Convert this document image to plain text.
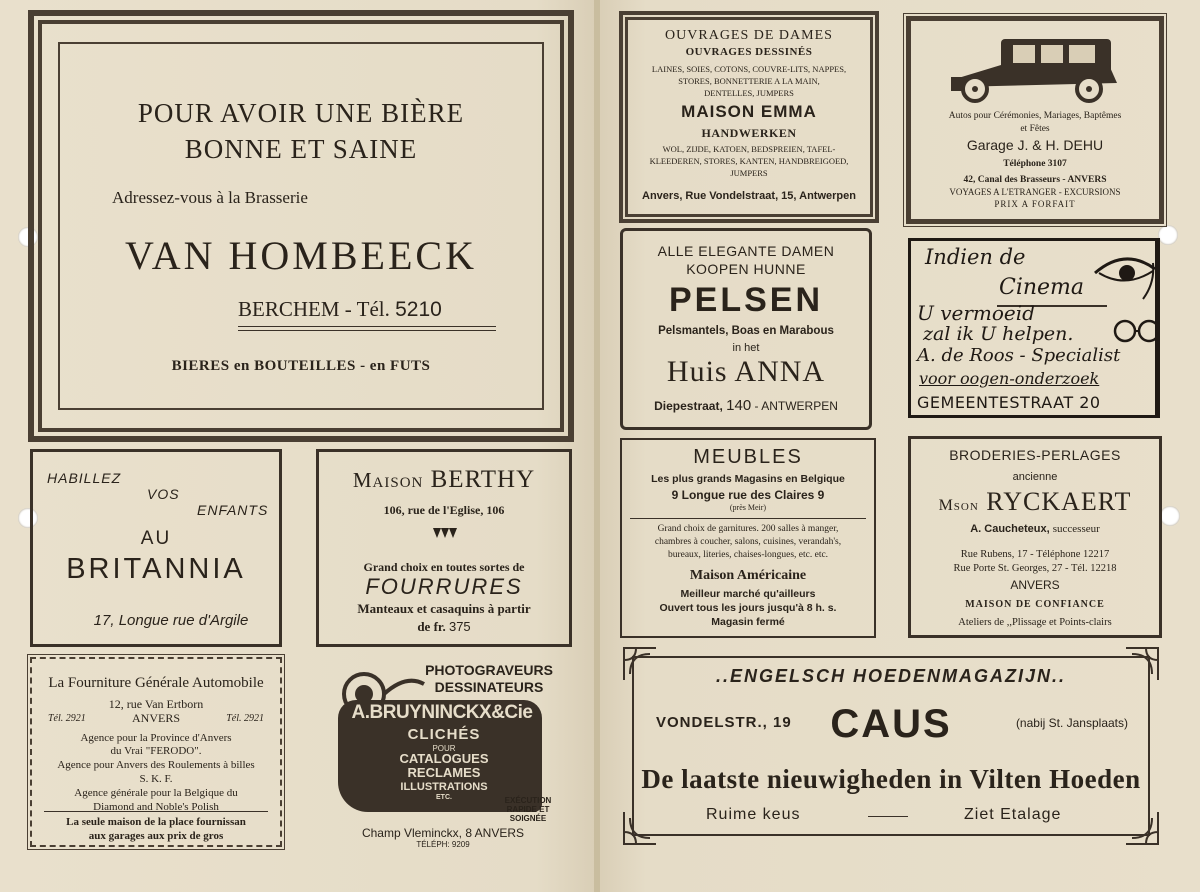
POUR AVOIR UNE BIÈRE
BONNE ET SAINE
Adressez-vous à la Brasserie
VAN HOMBEECK
BERCHEM - Tél. 5210
BIERES en BOUTEILLES - en FUTS
HABILLEZ
VOS
ENFANTS
AU
BRITANNIA
17, Longue rue d'Argile
Maison BERTHY
106, rue de l'Eglise, 106
Grand choix en toutes sortes de
FOURRURES
Manteaux et casaquins à partir
de fr. 375
La Fourniture Générale Automobile
12, rue Van Ertborn
Tél. 2921	ANVERS	Tél. 2921
Agence pour la Province d'Anvers
du Vrai "FERODO".
Agence pour Anvers des Roulements à billes
S. K. F.
Agence générale pour la Belgique du
Diamond and Noble's Polish
La seule maison de la place fournissan
aux garages aux prix de gros
PHOTOGRAVEURS
DESSINATEURS
A.BRUYNINCKX&Cie
CLICHÉS
POUR
CATALOGUES
RECLAMES
ILLUSTRATIONS
ETC.	EXÉCUTION
RAPIDE ET
SOIGNÉE
Champ Vleminckx, 8 ANVERS
TÉLÉPH: 9209
OUVRAGES DE DAMES
OUVRAGES DESSINÉS
LAINES, SOIES, COTONS, COUVRE-LITS, NAPPES,
STORES, BONNETTERIE A LA MAIN,
DENTELLES, JUMPERS
MAISON EMMA
HANDWERKEN
WOL, ZIJDE, KATOEN, BEDSPREIEN, TAFEL-
KLEEDEREN, STORES, KANTEN, HANDBREIGOED,
JUMPERS
Anvers, Rue Vondelstraat, 15, Antwerpen
Autos pour Cérémonies, Mariages, Baptêmes
et Fêtes
Garage J. & H. DEHU
Téléphone 3107
42, Canal des Brasseurs - ANVERS
VOYAGES A L'ETRANGER - EXCURSIONS
PRIX A FORFAIT
ALLE ELEGANTE DAMEN
KOOPEN HUNNE
PELSEN
Pelsmantels, Boas en Marabous
in het
Huis ANNA
Diepestraat, 140 - ANTWERPEN
Indien de
Cinema
U vermoeid
zal ik U helpen.
A. de Roos - Specialist
voor oogen-onderzoek
GEMEENTESTRAAT 20
MEUBLES
Les plus grands Magasins en Belgique
9 Longue rue des Claires 9
(près Meir)
Grand choix de garnitures. 200 salles à manger,
chambres à coucher, salons, cuisines, verandah's,
bureaux, literies, chaises-longues, etc. etc.
Maison Américaine
Meilleur marché qu'ailleurs
Ouvert tous les jours jusqu'à 8 h. s.
Magasin fermé
BRODERIES-PERLAGES
ancienne
Mson RYCKAERT
A. Caucheteux, successeur
Rue Rubens, 17 - Téléphone 12217
Rue Porte St. Georges, 27 - Tél. 12218
ANVERS
MAISON DE CONFIANCE
Ateliers de ,,Plissage et Points-clairs
..ENGELSCH HOEDENMAGAZIJN..
VONDELSTR., 19 CAUS	(nabij St. Jansplaats)
De laatste nieuwigheden in Vilten Hoeden
Ruime keus	Ziet Etalage
